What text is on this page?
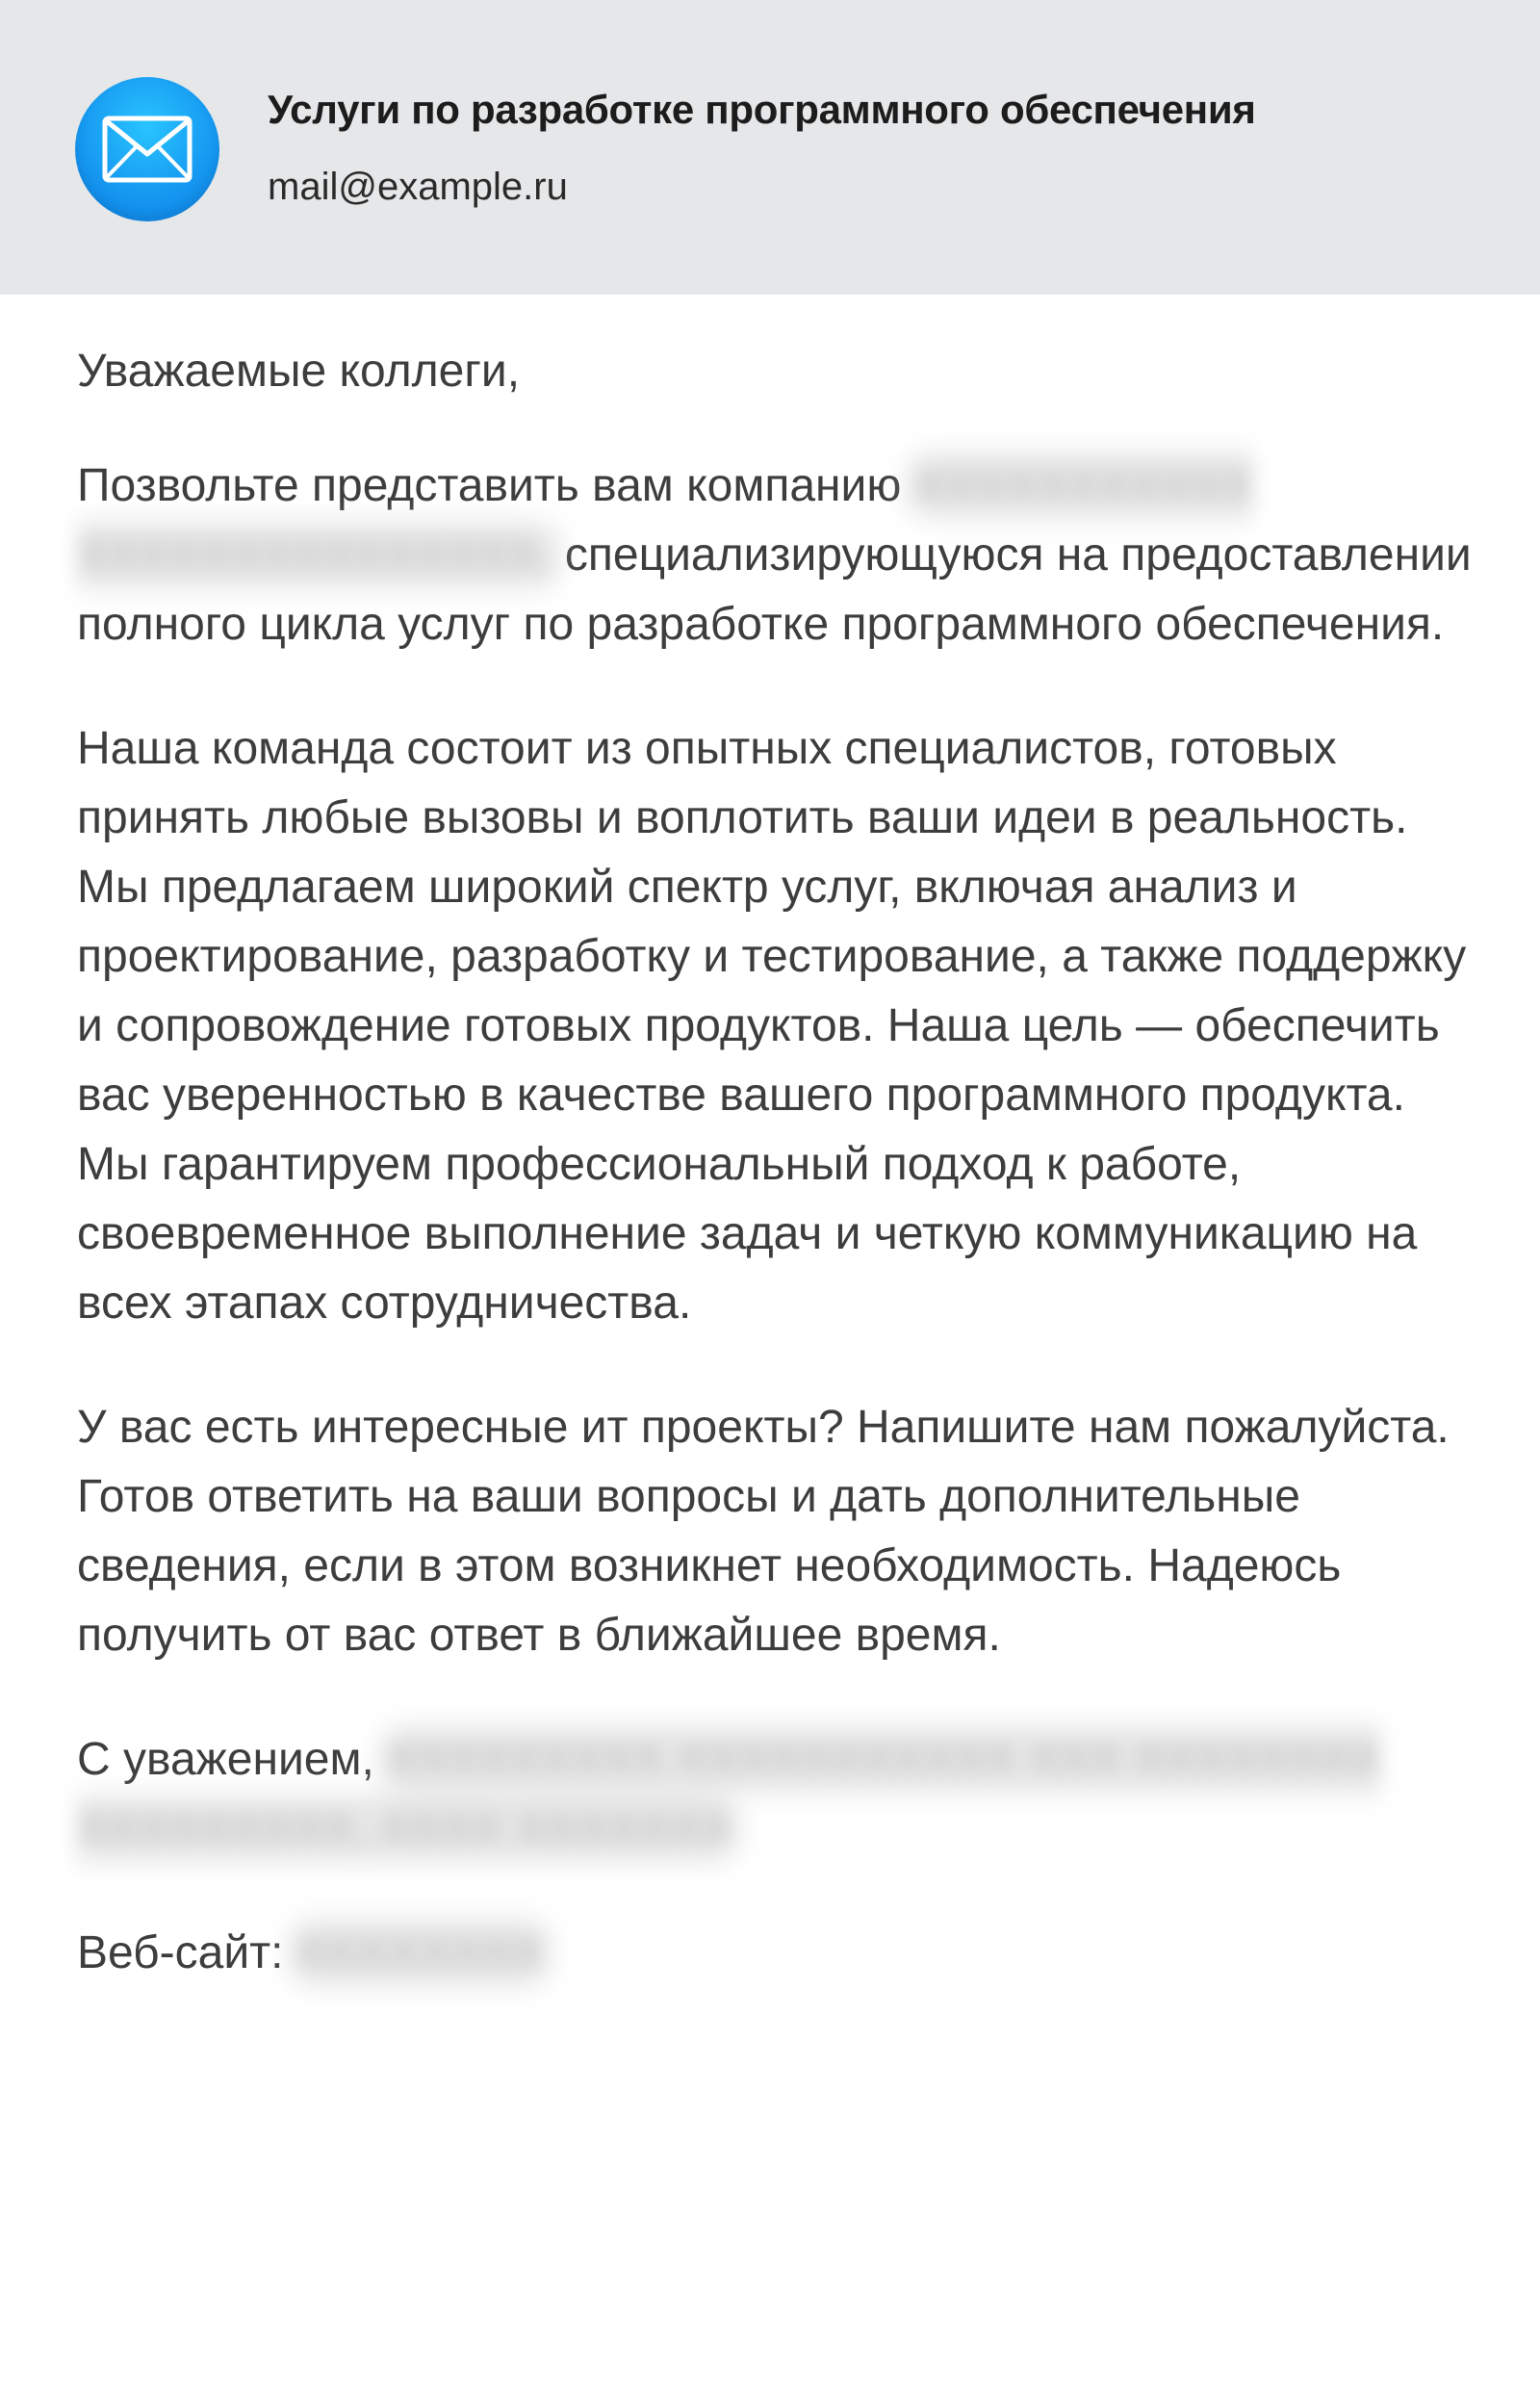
Услуги по разработке программного обеспечения
mail@example.ru

Уважаемые коллеги,

Позвольте представить вам компанию XXXXXXXXXXX XXXXXXXXXXXXXXX, специализирующуюся на предоставлении полного цикла услуг по разработке программного обеспечения.

Наша команда состоит из опытных специалистов, готовых принять любые вызовы и воплотить ваши идеи в реальность. Мы предлагаем широкий спектр услуг, включая анализ и проектирование, разработку и тестирование, а также поддержку и сопровождение готовых продуктов. Наша цель — обеспечить вас уверенностью в качестве вашего программного продукта. Мы гарантируем профессиональный подход к работе, своевременное выполнение задач и четкую коммуникацию на всех этапах сотрудничества.

У вас есть интересные ит проекты? Напишите нам пожалуйста. Готов ответить на ваши вопросы и дать дополнительные сведения, если в этом возникнет необходимость. Надеюсь получить от вас ответ в ближайшее время.

С уважением, XXXXXXXXX XXXXXXXXXXX XXX XXXXXXXX XXXXXXXXX, XXXX XXXXXXX

Веб-сайт: XXXXXXXX
